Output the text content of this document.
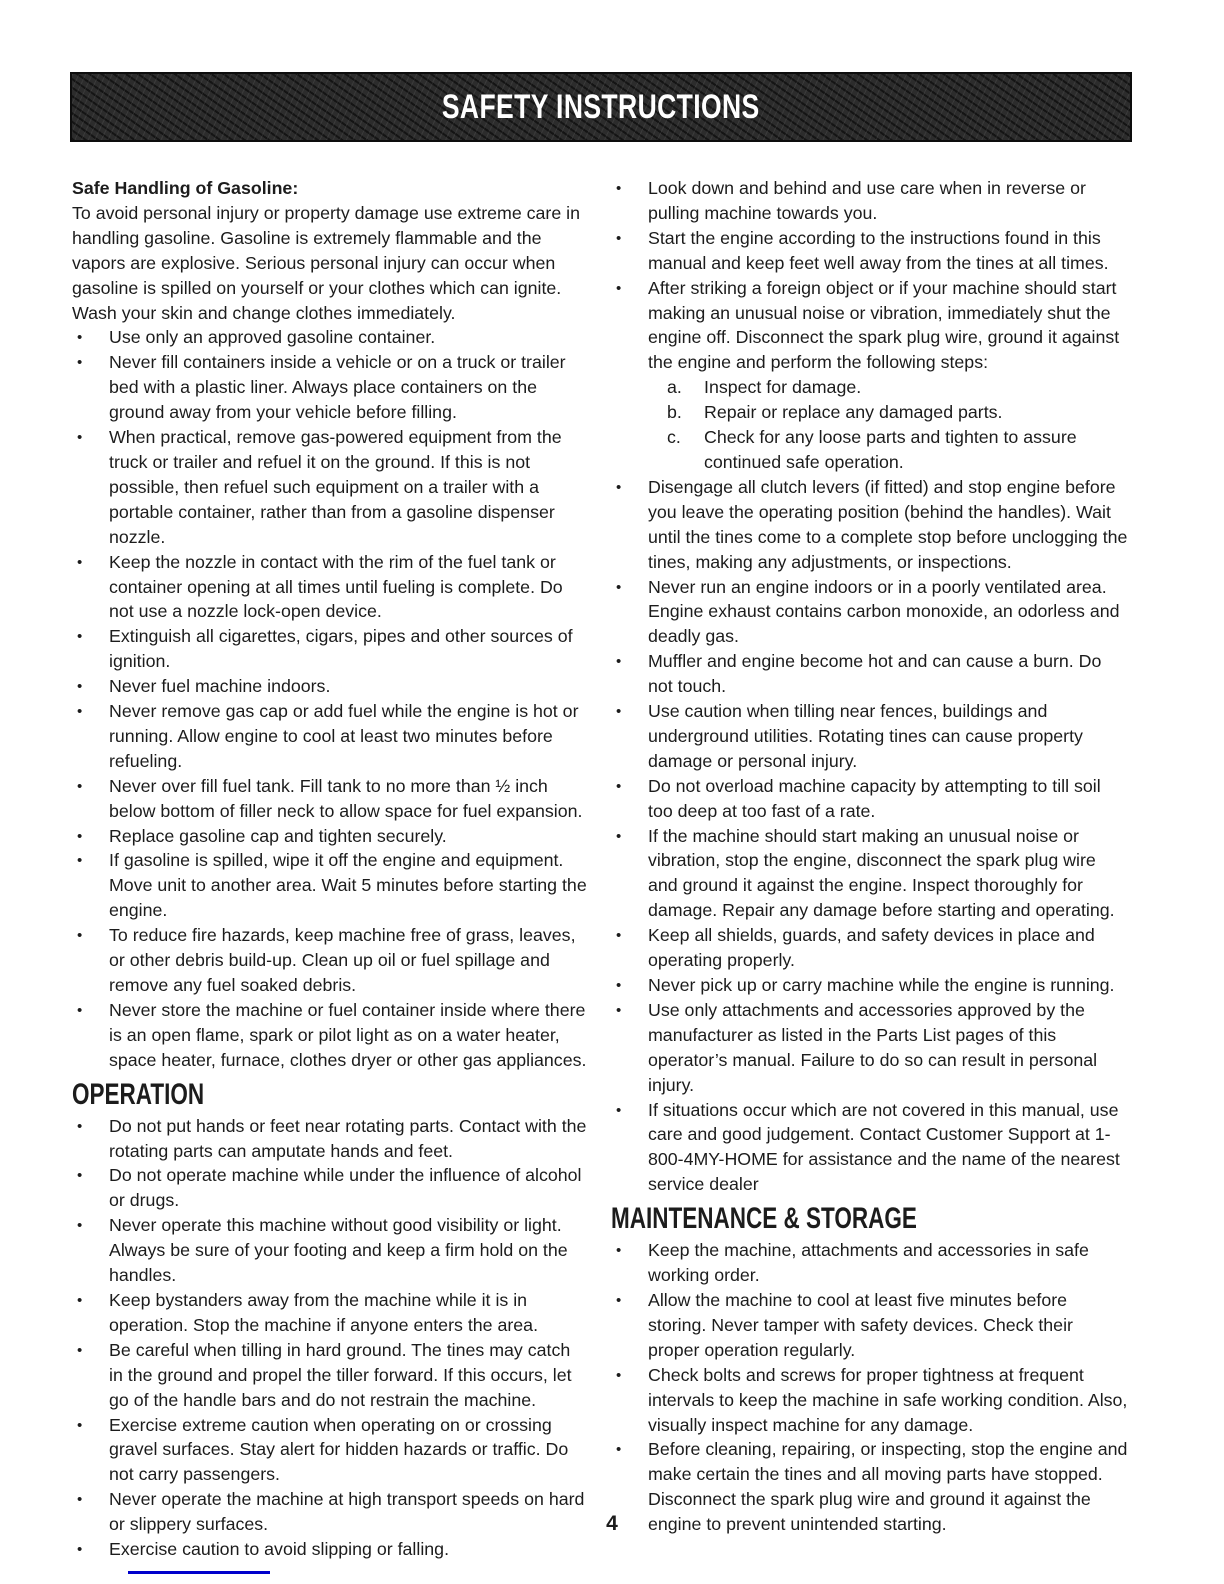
SAFETY INSTRUCTIONS
Safe Handling of Gasoline:

To avoid personal injury or property damage use extreme care in handling gasoline. Gasoline is extremely flammable and the vapors are explosive. Serious personal injury can occur when gasoline is spilled on yourself or your clothes which can ignite. Wash your skin and change clothes immediately.

• Use only an approved gasoline container.
• Never fill containers inside a vehicle or on a truck or trailer bed with a plastic liner. Always place containers on the ground away from your vehicle before filling.
• When practical, remove gas-powered equipment from the truck or trailer and refuel it on the ground. If this is not possible, then refuel such equipment on a trailer with a portable container, rather than from a gasoline dispenser nozzle.
• Keep the nozzle in contact with the rim of the fuel tank or container opening at all times until fueling is complete. Do not use a nozzle lock-open device.
• Extinguish all cigarettes, cigars, pipes and other sources of ignition.
• Never fuel machine indoors.
• Never remove gas cap or add fuel while the engine is hot or running. Allow engine to cool at least two minutes before refueling.
• Never over fill fuel tank. Fill tank to no more than ½ inch below bottom of filler neck to allow space for fuel expansion.
• Replace gasoline cap and tighten securely.
• If gasoline is spilled, wipe it off the engine and equipment. Move unit to another area. Wait 5 minutes before starting the engine.
• To reduce fire hazards, keep machine free of grass, leaves, or other debris build-up. Clean up oil or fuel spillage and remove any fuel soaked debris.
• Never store the machine or fuel container inside where there is an open flame, spark or pilot light as on a water heater, space heater, furnace, clothes dryer or other gas appliances.
OPERATION
• Do not put hands or feet near rotating parts. Contact with the rotating parts can amputate hands and feet.
• Do not operate machine while under the influence of alcohol or drugs.
• Never operate this machine without good visibility or light. Always be sure of your footing and keep a firm hold on the handles.
• Keep bystanders away from the machine while it is in operation. Stop the machine if anyone enters the area.
• Be careful when tilling in hard ground. The tines may catch in the ground and propel the tiller forward. If this occurs, let go of the handle bars and do not restrain the machine.
• Exercise extreme caution when operating on or crossing gravel surfaces. Stay alert for hidden hazards or traffic. Do not carry passengers.
• Never operate the machine at high transport speeds on hard or slippery surfaces.
• Exercise caution to avoid slipping or falling.
• Look down and behind and use care when in reverse or pulling machine towards you.
• Start the engine according to the instructions found in this manual and keep feet well away from the tines at all times.
• After striking a foreign object or if your machine should start making an unusual noise or vibration, immediately shut the engine off. Disconnect the spark plug wire, ground it against the engine and perform the following steps:
a.	Inspect for damage.
b.	Repair or replace any damaged parts.
c.	Check for any loose parts and tighten to assure continued safe operation.
• Disengage all clutch levers (if fitted) and stop engine before you leave the operating position (behind the handles). Wait until the tines come to a complete stop before unclogging the tines, making any adjustments, or inspections.
• Never run an engine indoors or in a poorly ventilated area. Engine exhaust contains carbon monoxide, an odorless and deadly gas.
• Muffler and engine become hot and can cause a burn. Do not touch.
• Use caution when tilling near fences, buildings and underground utilities. Rotating tines can cause property damage or personal injury.
• Do not overload machine capacity by attempting to till soil too deep at too fast of a rate.
• If the machine should start making an unusual noise or vibration, stop the engine, disconnect the spark plug wire and ground it against the engine. Inspect thoroughly for damage. Repair any damage before starting and operating.
• Keep all shields, guards, and safety devices in place and operating properly.
• Never pick up or carry machine while the engine is running.
• Use only attachments and accessories approved by the manufacturer as listed in the Parts List pages of this operator’s manual. Failure to do so can result in personal injury.
• If situations occur which are not covered in this manual, use care and good judgement. Contact Customer Support at 1-800-4MY-HOME for assistance and the name of the nearest service dealer
MAINTENANCE & STORAGE
• Keep the machine, attachments and accessories in safe working order.
• Allow the machine to cool at least five minutes before storing. Never tamper with safety devices. Check their proper operation regularly.
• Check bolts and screws for proper tightness at frequent intervals to keep the machine in safe working condition. Also, visually inspect machine for any damage.
• Before cleaning, repairing, or inspecting, stop the engine and make certain the tines and all moving parts have stopped. Disconnect the spark plug wire and ground it against the engine to prevent unintended starting.
4
